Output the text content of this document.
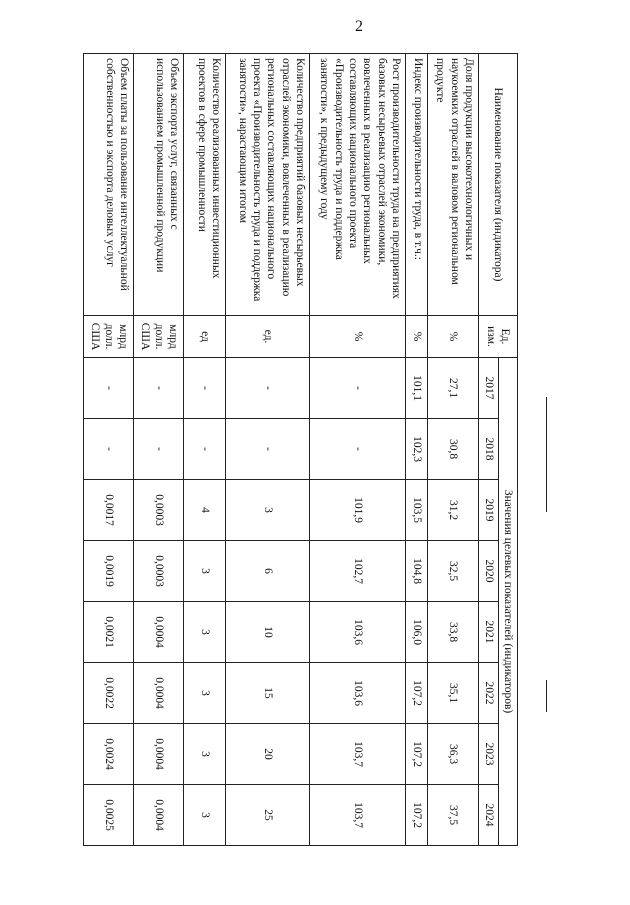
2
Наименование показателя (индикатора)	Ед. изм.	Значения целевых показателей (индикаторов)							
		2017	2018	2019	2020	2021	2022	2023	2024
Доля продукции высокотехнологичных и наукоемких отраслей в валовом региональном продукте	%	27,1	30,8	31,2	32,5	33,8	35,1	36,3	37,5
Индекс производительности труда, в т.ч.:	%	101,1	102,3	103,5	104,8	106,0	107,2	107,2	107,2
Рост производительности труда на предприятиях базовых несырьевых отраслей экономики, вовлеченных в реализацию региональных составляющих национального проекта «Производительность труда и поддержка занятости», к предыдущему году	%	-	-	101,9	102,7	103,6	103,6	103,7	103,7
Количество предприятий базовых несырьевых отраслей экономики, вовлеченных в реализацию региональных составляющих национального проекта «Производительность труда и поддержка занятости», нарастающим итогом	ед.	-	-	3	6	10	15	20	25
Количество реализованных инвестиционных проектов в сфере промышленности	ед	-	-	4	3	3	3	3	3
Объем экспорта услуг, связанных с использованием промышленной продукции	млрд долл. США	-	-	0,0003	0,0003	0,0004	0,0004	0,0004	0,0004
Объем платы за пользование интеллектуальной собственностью и экспорта деловых услуг	млрд долл. США	-	-	0,0017	0,0019	0,0021	0,0022	0,0024	0,0025
